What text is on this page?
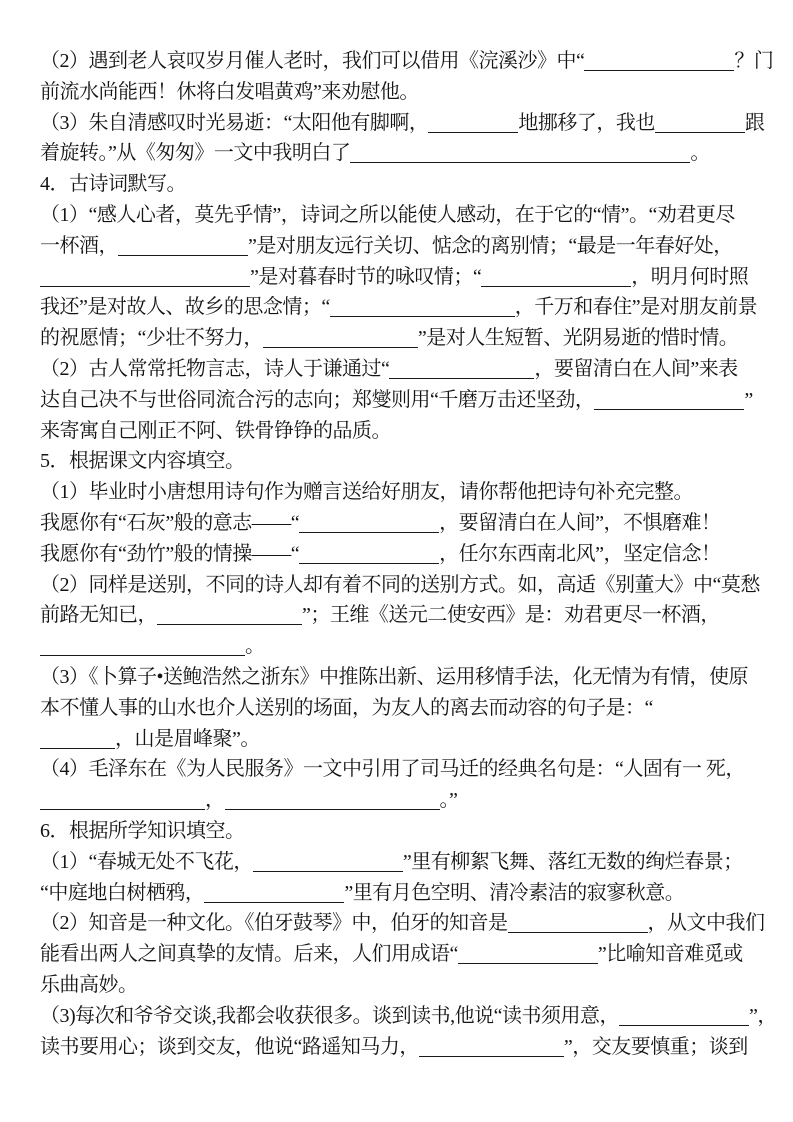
（2）遇到老人哀叹岁月催人老时，我们可以借用《浣溪沙》中“	？门
前流水尚能西！休将白发唱黄鸡”来劝慰他。
（3）朱自清感叹时光易逝：“太阳他有脚啊，	地挪移了，我也	跟
着旋转。”从《匆匆》一文中我明白了	。
4．古诗词默写。
（1）“感人心者，莫先乎情”，诗词之所以能使人感动，在于它的“情”。“劝君更尽
一杯酒，	”是对朋友远行关切、惦念的离别情；“最是一年春好处，
”是对暮春时节的咏叹情；“	，明月何时照
我还”是对故人、故乡的思念情；“	，千万和春住”是对朋友前景
的祝愿情；“少壮不努力，	”是对人生短暂、光阴易逝的惜时情。
（2）古人常常托物言志，诗人于谦通过“	，要留清白在人间”来表
达自己决不与世俗同流合污的志向；郑燮则用“千磨万击还坚劲，	”
来寄寓自己刚正不阿、铁骨铮铮的品质。
5．根据课文内容填空。
（1）毕业时小唐想用诗句作为赠言送给好朋友，请你帮他把诗句补充完整。
我愿你有“石灰”般的意志——“	，要留清白在人间”，不惧磨难！
我愿你有“劲竹”般的情操——“	，任尔东西南北风”，坚定信念！
（2）同样是送别，不同的诗人却有着不同的送别方式。如，高适《别董大》中“莫愁
前路无知已，	”；王维《送元二使安西》是：劝君更尽一杯酒，
。
（3）《卜算子•送鲍浩然之浙东》中推陈出新、运用移情手法，化无情为有情，使原
本不懂人事的山水也介人送别的场面，为友人的离去而动容的句子是：“
，山是眉峰聚”。
（4）毛泽东在《为人民服务》一文中引用了司马迁的经典名句是：“人固有一 死，
，	。”
6．根据所学知识填空。
（1）“春城无处不飞花，	”里有柳絮飞舞、落红无数的绚烂春景；
“中庭地白树栖鸦，	”里有月色空明、清冷素洁的寂寥秋意。
（2）知音是一种文化。《伯牙鼓琴》中，伯牙的知音是	，从文中我们
能看出两人之间真挚的友情。后来，人们用成语“	”比喻知音难觅或
乐曲高妙。
（3)每次和爷爷交谈,我都会收获很多。谈到读书,他说“读书须用意，	”，
读书要用心；谈到交友，他说“路遥知马力，	”，交友要慎重；谈到
